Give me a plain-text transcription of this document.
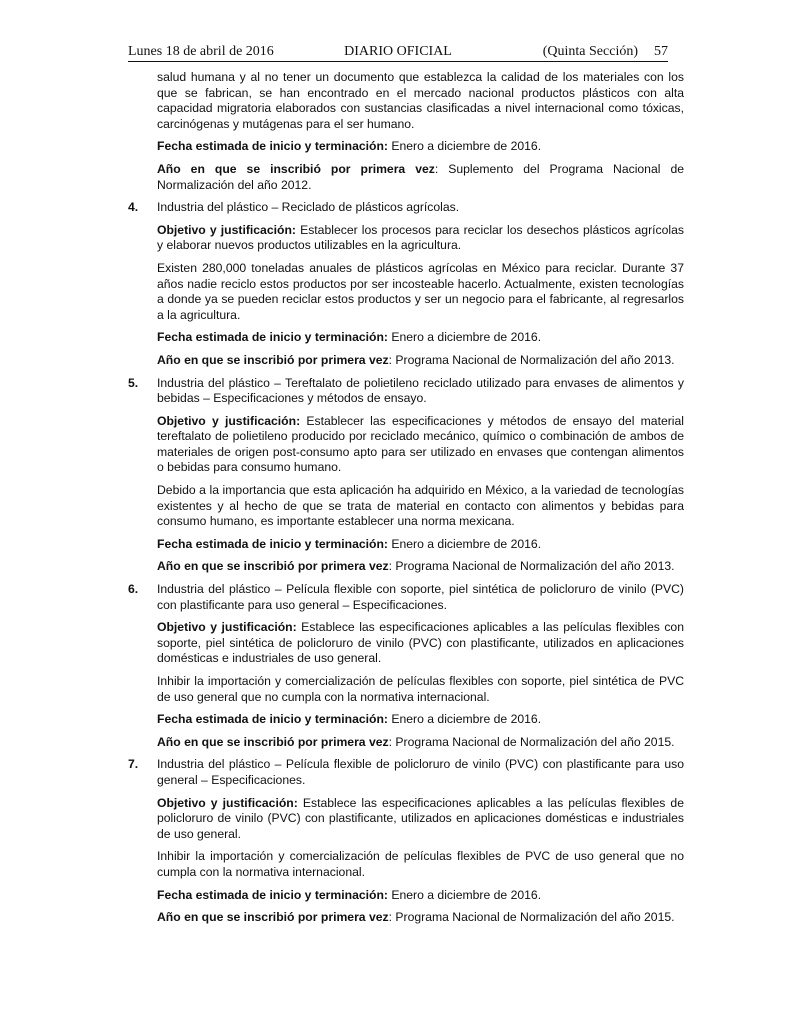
Lunes 18 de abril de 2016	DIARIO OFICIAL	(Quinta Sección) 57

salud humana y al no tener un documento que establezca la calidad de los materiales con los que se fabrican, se han encontrado en el mercado nacional productos plásticos con alta capacidad migratoria elaborados con sustancias clasificadas a nivel internacional como tóxicas, carcinógenas y mutágenas para el ser humano.

Fecha estimada de inicio y terminación: Enero a diciembre de 2016.

Año en que se inscribió por primera vez: Suplemento del Programa Nacional de Normalización del año 2012.

4. Industria del plástico – Reciclado de plásticos agrícolas.

Objetivo y justificación: Establecer los procesos para reciclar los desechos plásticos agrícolas y elaborar nuevos productos utilizables en la agricultura.

Existen 280,000 toneladas anuales de plásticos agrícolas en México para reciclar. Durante 37 años nadie reciclo estos productos por ser incosteable hacerlo. Actualmente, existen tecnologías a donde ya se pueden reciclar estos productos y ser un negocio para el fabricante, al regresarlos a la agricultura.

Fecha estimada de inicio y terminación: Enero a diciembre de 2016.

Año en que se inscribió por primera vez: Programa Nacional de Normalización del año 2013.

5. Industria del plástico – Tereftalato de polietileno reciclado utilizado para envases de alimentos y bebidas – Especificaciones y métodos de ensayo.

Objetivo y justificación: Establecer las especificaciones y métodos de ensayo del material tereftalato de polietileno producido por reciclado mecánico, químico o combinación de ambos de materiales de origen post-consumo apto para ser utilizado en envases que contengan alimentos o bebidas para consumo humano.

Debido a la importancia que esta aplicación ha adquirido en México, a la variedad de tecnologías existentes y al hecho de que se trata de material en contacto con alimentos y bebidas para consumo humano, es importante establecer una norma mexicana.

Fecha estimada de inicio y terminación: Enero a diciembre de 2016.

Año en que se inscribió por primera vez: Programa Nacional de Normalización del año 2013.

6. Industria del plástico – Película flexible con soporte, piel sintética de policloruro de vinilo (PVC) con plastificante para uso general – Especificaciones.

Objetivo y justificación: Establece las especificaciones aplicables a las películas flexibles con soporte, piel sintética de policloruro de vinilo (PVC) con plastificante, utilizados en aplicaciones domésticas e industriales de uso general.

Inhibir la importación y comercialización de películas flexibles con soporte, piel sintética de PVC de uso general que no cumpla con la normativa internacional.

Fecha estimada de inicio y terminación: Enero a diciembre de 2016.

Año en que se inscribió por primera vez: Programa Nacional de Normalización del año 2015.

7. Industria del plástico – Película flexible de policloruro de vinilo (PVC) con plastificante para uso general – Especificaciones.

Objetivo y justificación: Establece las especificaciones aplicables a las películas flexibles de policloruro de vinilo (PVC) con plastificante, utilizados en aplicaciones domésticas e industriales de uso general.

Inhibir la importación y comercialización de películas flexibles de PVC de uso general que no cumpla con la normativa internacional.

Fecha estimada de inicio y terminación: Enero a diciembre de 2016.

Año en que se inscribió por primera vez: Programa Nacional de Normalización del año 2015.
